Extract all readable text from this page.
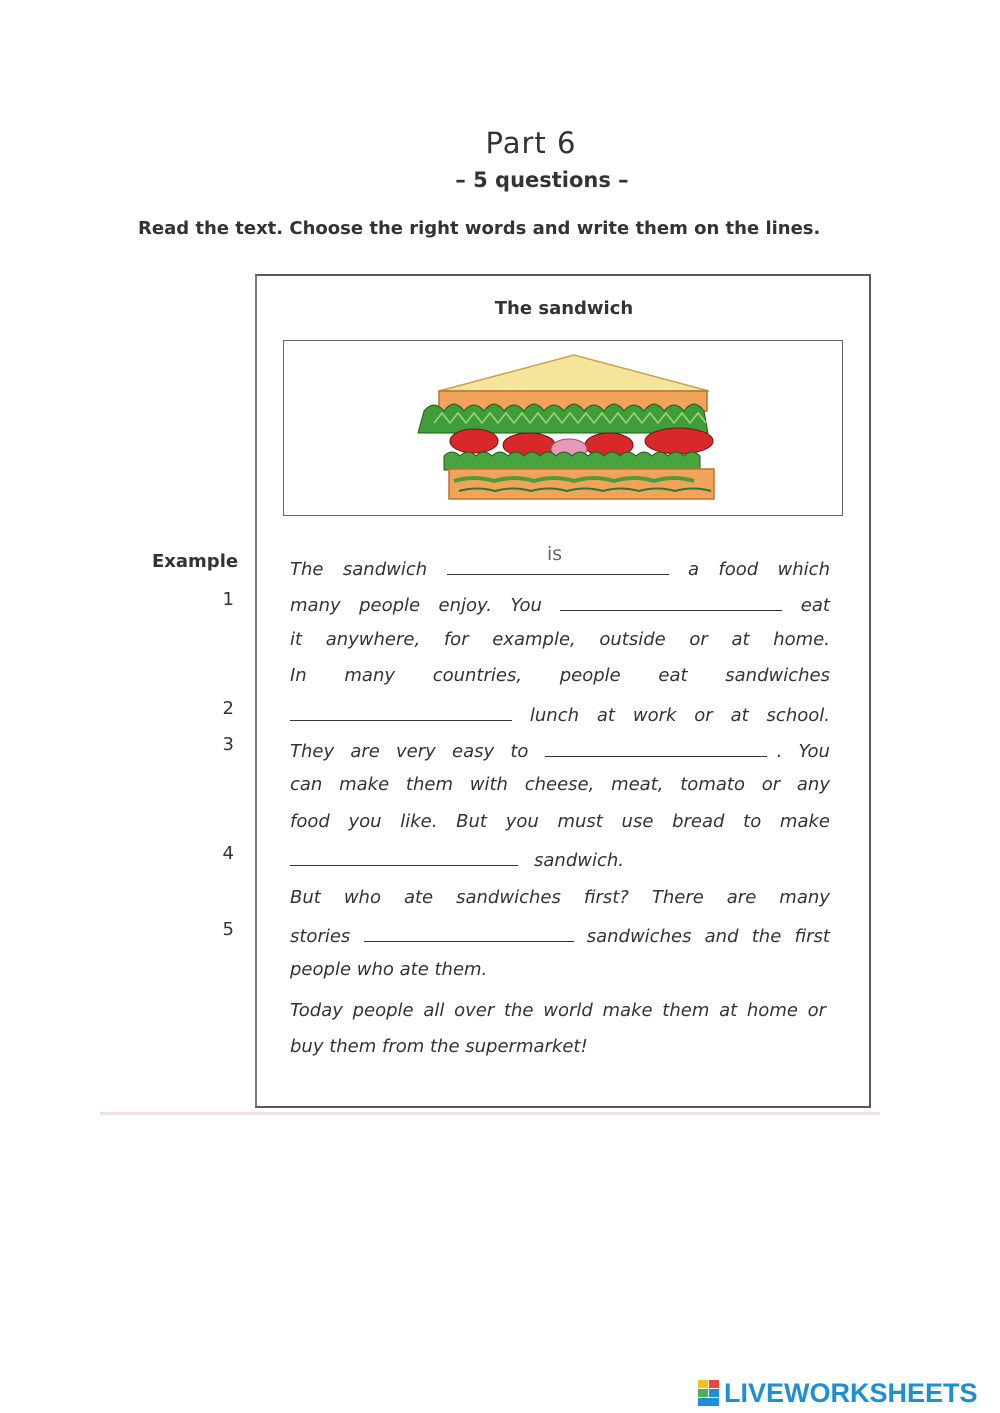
Part 6
– 5 questions –
Read the text. Choose the right words and write them on the lines.
The sandwich
Example
1
2
3
4
5
is
The sandwich	a food which
many people enjoy. You	eat
it anywhere, for example, outside or at home.
In many countries, people eat sandwiches
lunch at work or at school.
They are very easy to	. You
can make them with cheese, meat, tomato or any
food you like. But you must use bread to make
sandwich.
But who ate sandwiches first? There are many
stories	sandwiches and the first
people who ate them.
Today people all over the world make them at home or
buy them from the supermarket!
LIVEWORKSHEETS
